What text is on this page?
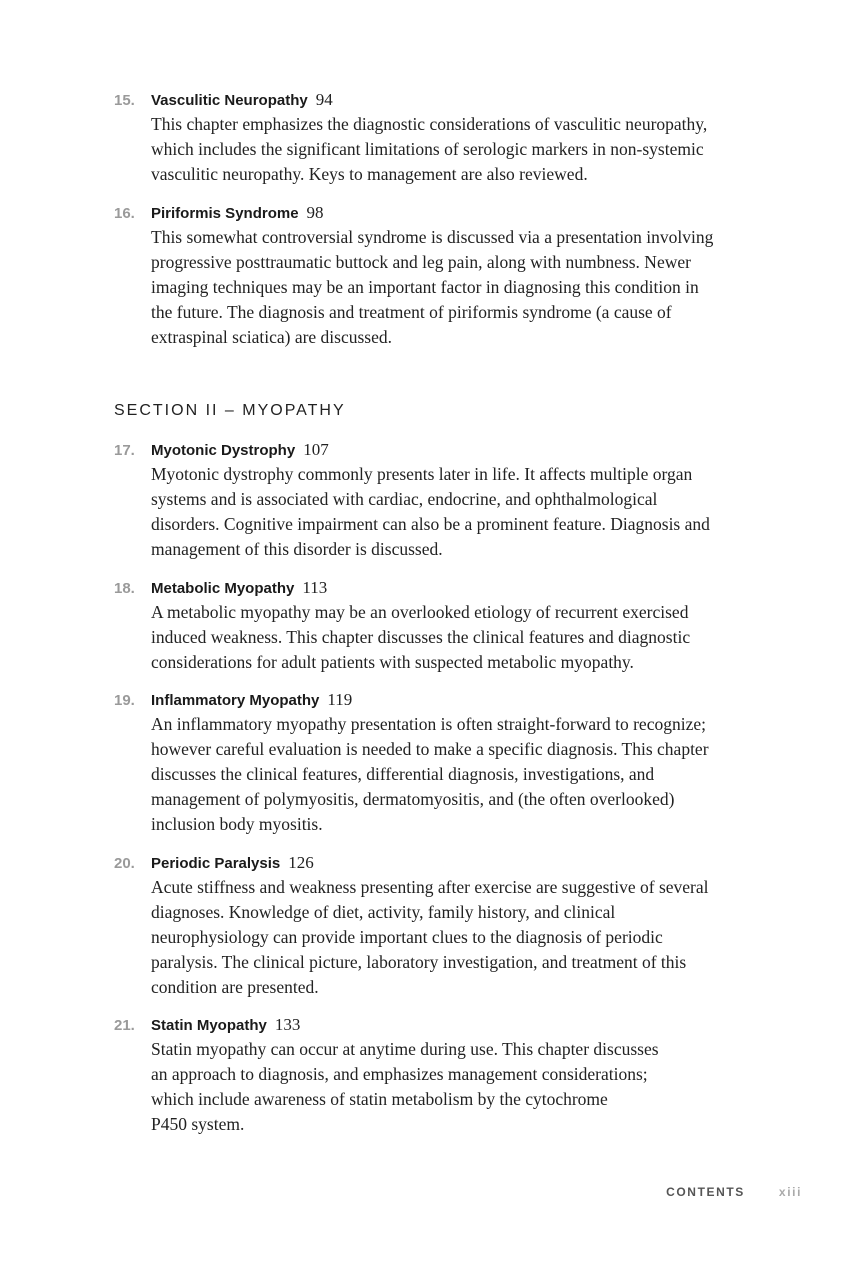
15.	Vasculitic Neuropathy 94

This chapter emphasizes the diagnostic considerations of vasculitic neuropathy,
which includes the significant limitations of serologic markers in non-systemic
vasculitic neuropathy. Keys to management are also reviewed.

16.	Piriformis Syndrome 98

This somewhat controversial syndrome is discussed via a presentation involving
progressive posttraumatic buttock and leg pain, along with numbness. Newer
imaging techniques may be an important factor in diagnosing this condition in
the future. The diagnosis and treatment of piriformis syndrome (a cause of
extraspinal sciatica) are discussed.

SECTION II – MYOPATHY
17.	Myotonic Dystrophy 107

Myotonic dystrophy commonly presents later in life. It affects multiple organ
systems and is associated with cardiac, endocrine, and ophthalmological
disorders. Cognitive impairment can also be a prominent feature. Diagnosis and
management of this disorder is discussed.

18.	Metabolic Myopathy 113

A metabolic myopathy may be an overlooked etiology of recurrent exercised
induced weakness. This chapter discusses the clinical features and diagnostic
considerations for adult patients with suspected metabolic myopathy.

19.	Inflammatory Myopathy 119

An inflammatory myopathy presentation is often straight-forward to recognize;
however careful evaluation is needed to make a specific diagnosis. This chapter
discusses the clinical features, differential diagnosis, investigations, and
management of polymyositis, dermatomyositis, and (the often overlooked)
inclusion body myositis.

20.	Periodic Paralysis 126

Acute stiffness and weakness presenting after exercise are suggestive of several
diagnoses. Knowledge of diet, activity, family history, and clinical
neurophysiology can provide important clues to the diagnosis of periodic
paralysis. The clinical picture, laboratory investigation, and treatment of this
condition are presented.

21.	Statin Myopathy 133

Statin myopathy can occur at anytime during use. This chapter discusses
an approach to diagnosis, and emphasizes management considerations;
which include awareness of statin metabolism by the cytochrome
P450 system.

CONTENTS	xiii
